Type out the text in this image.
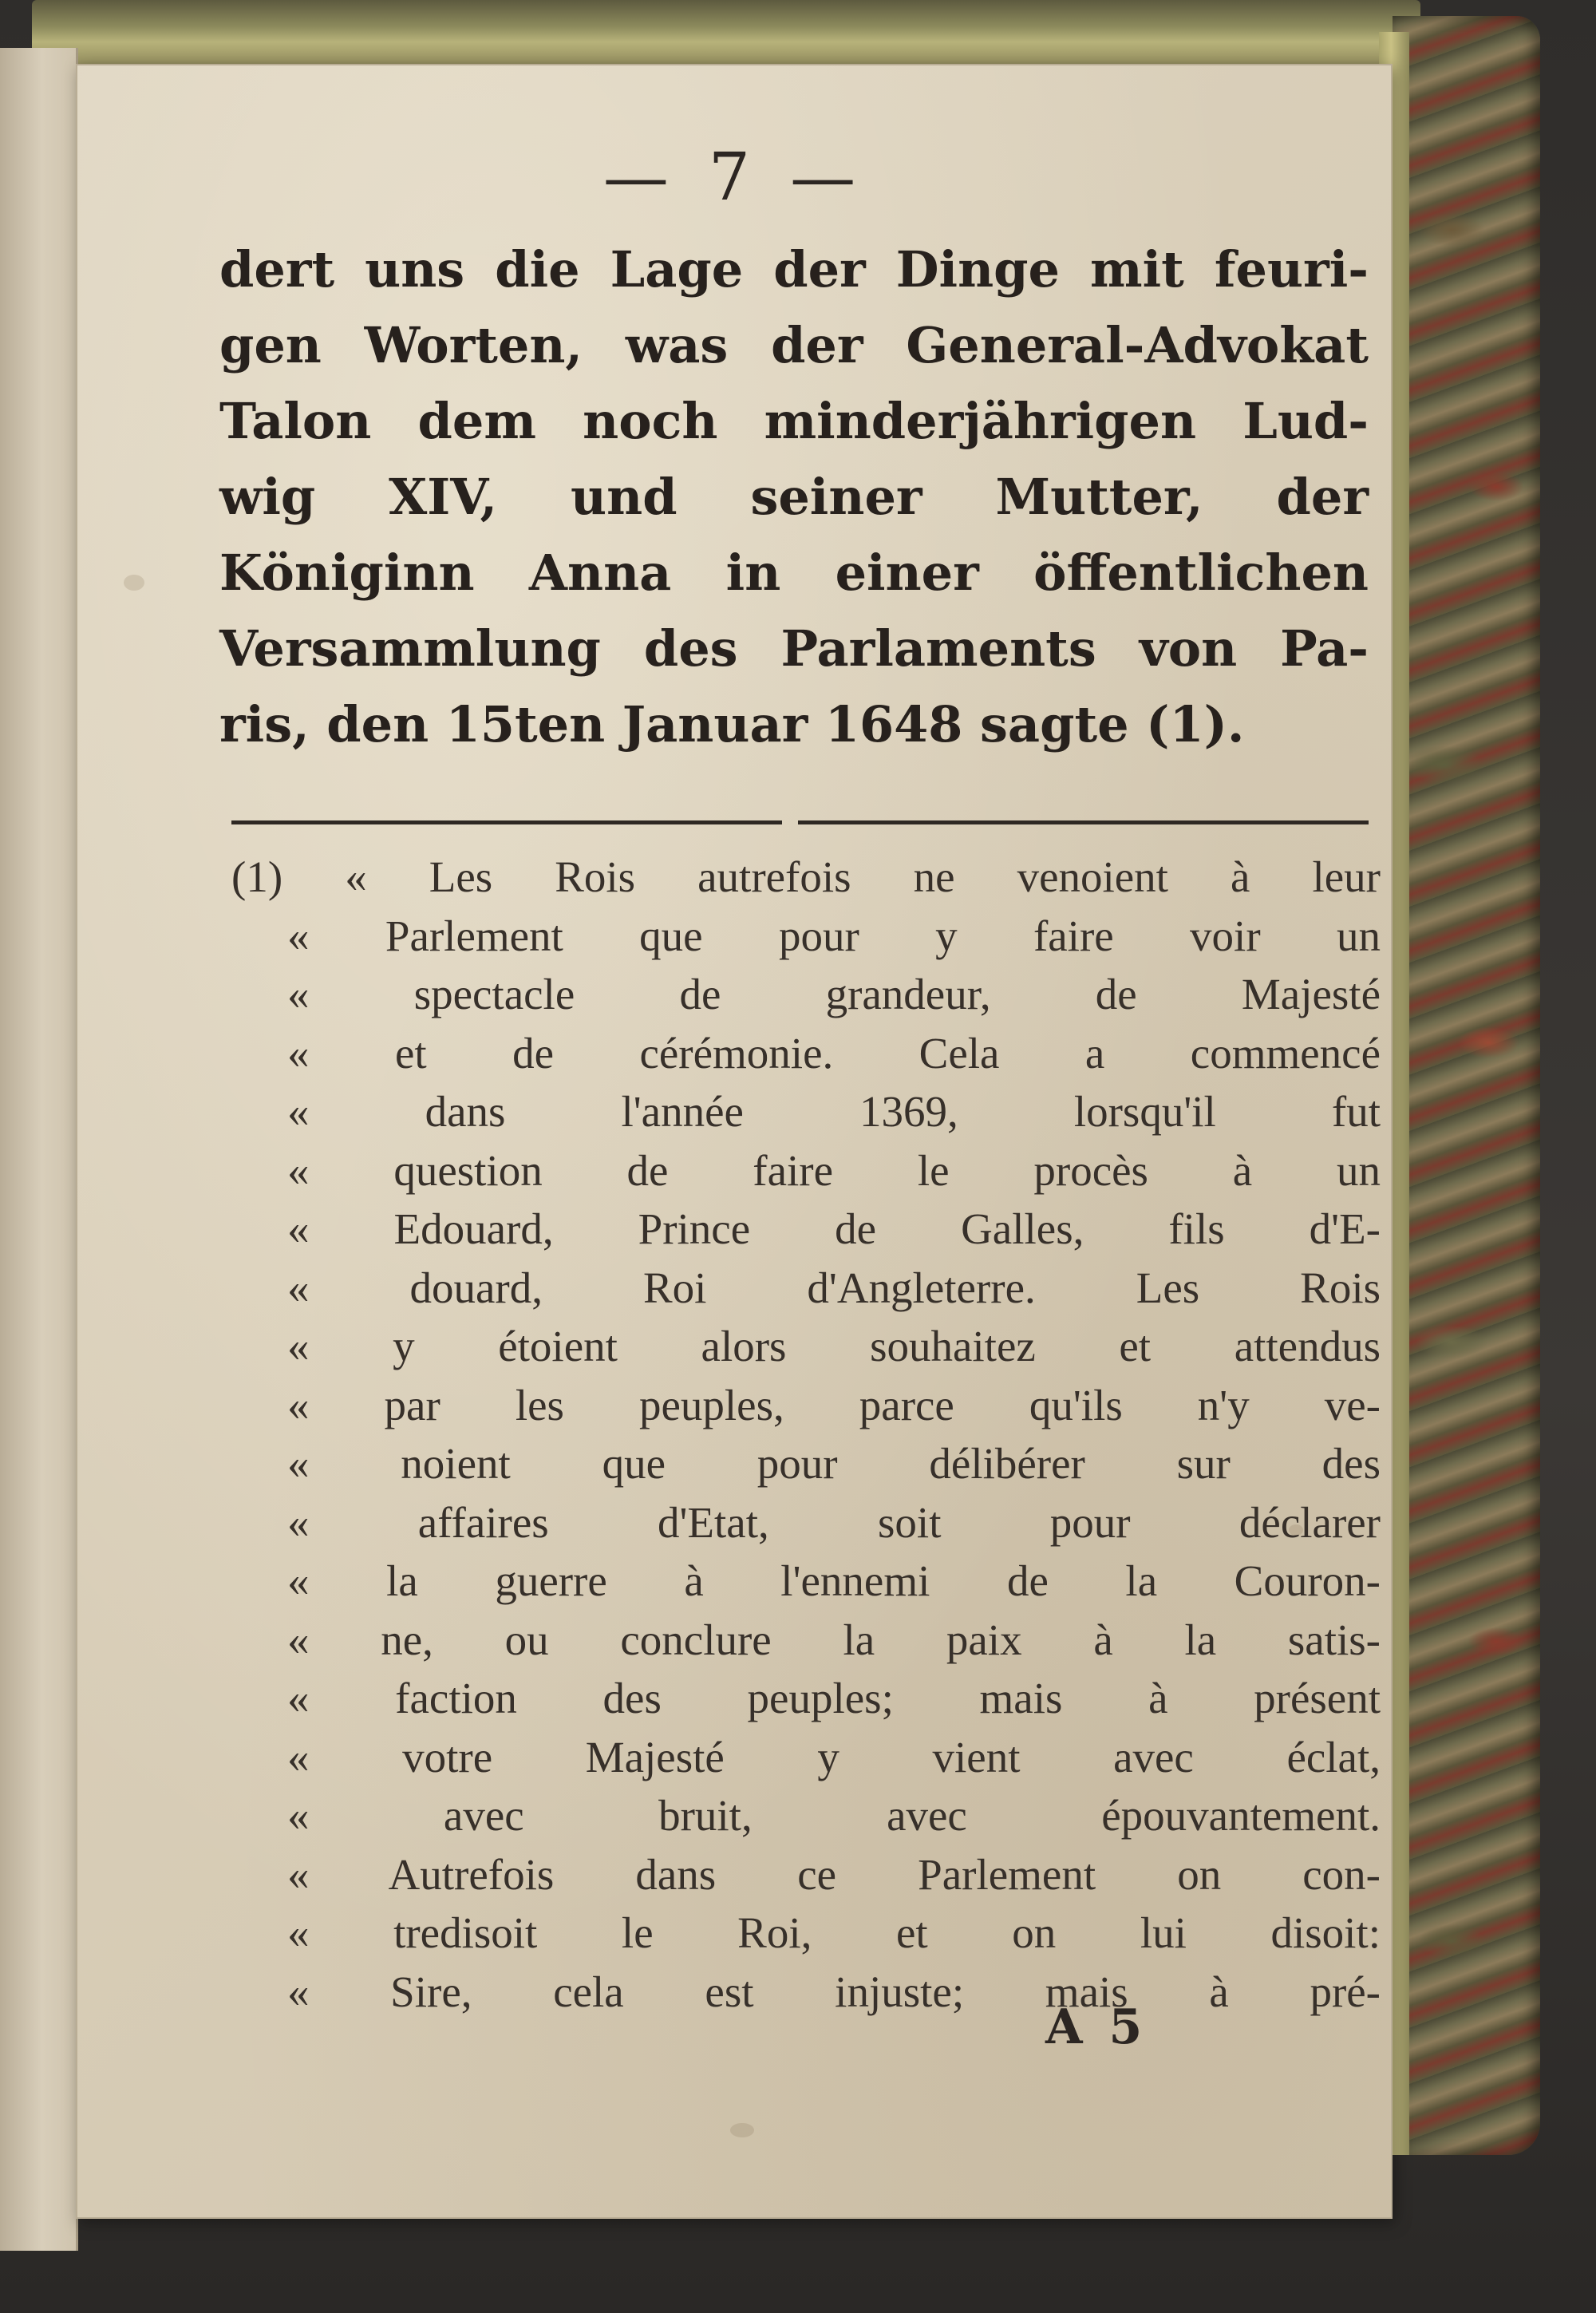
— 7 —
dert uns die Lage der Dinge mit feuri-
gen Worten, was der General-Advokat
Talon dem noch minderjährigen Lud-
wig XIV, und seiner Mutter, der
Königinn Anna in einer öffentlichen
Versammlung des Parlaments von Pa-
ris, den 15ten Januar 1648 sagte (1).
(1) « Les Rois autrefois ne venoient à leur
« Parlement que pour y faire voir un
« spectacle de grandeur, de Majesté
« et de cérémonie. Cela a commencé
« dans l'année 1369, lorsqu'il fut
« question de faire le procès à un
« Edouard, Prince de Galles, fils d'E-
« douard, Roi d'Angleterre. Les Rois
« y étoient alors souhaitez et attendus
« par les peuples, parce qu'ils n'y ve-
« noient que pour délibérer sur des
« affaires d'Etat, soit pour déclarer
« la guerre à l'ennemi de la Couron-
« ne, ou conclure la paix à la satis-
« faction des peuples; mais à présent
« votre Majesté y vient avec éclat,
« avec bruit, avec épouvantement.
« Autrefois dans ce Parlement on con-
« tredisoit le Roi, et on lui disoit:
« Sire, cela est injuste; mais à pré-
A 5
